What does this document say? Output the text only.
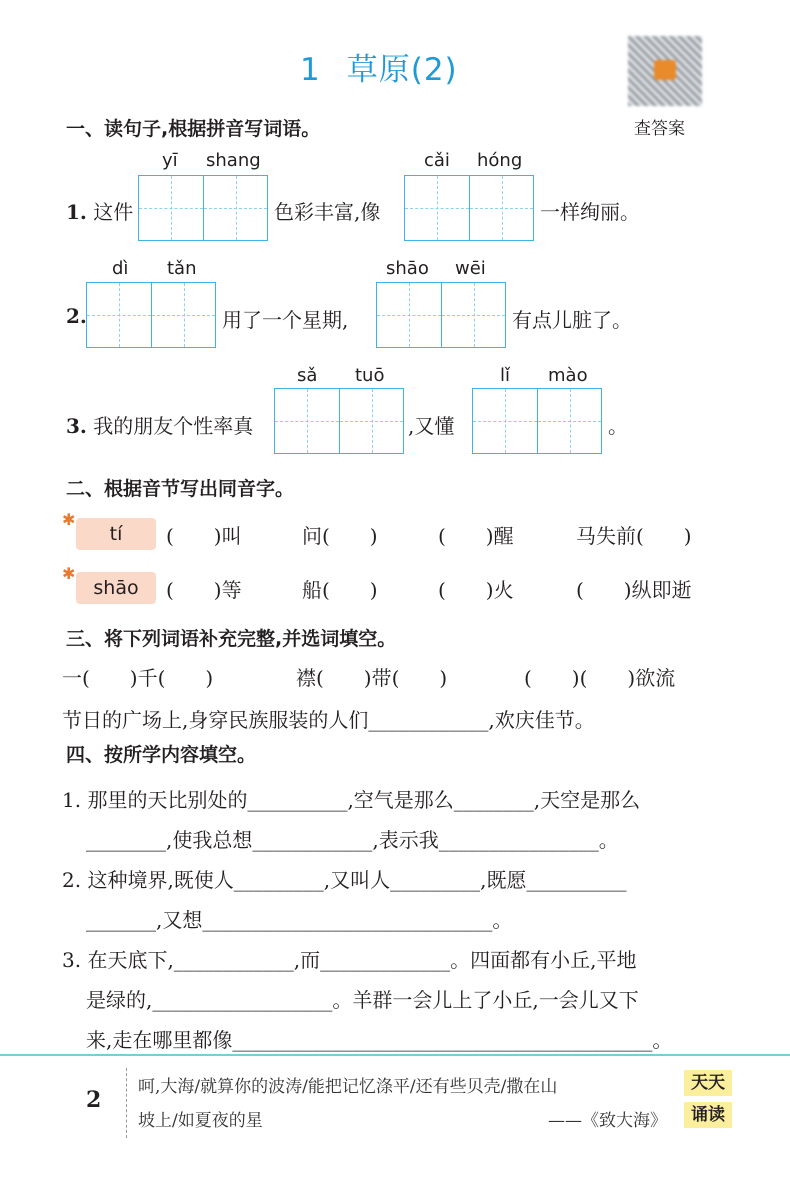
1 草原(2)
查答案
一、读句子,根据拼音写词语。
yī shang
1. 这件	色彩丰富,像
cǎi hóng
一样绚丽。
dì tǎn
2.	用了一个星期,
shāo wēi
有点儿脏了。
sǎ tuō
3. 我的朋友个性率真	,又懂
lǐ mào
。
二、根据音节写出同音字。
✱
tí	(　　)叫	问(　　)	(　　)醒	马失前(　　)
✱
shāo	(　　)等	船(　　)	(　　)火	(　　)纵即逝
三、将下列词语补充完整,并选词填空。
一(　　)千(　　)	襟(　　)带(　　)	(　　)(　　)欲流
节日的广场上,身穿民族服装的人们____________,欢庆佳节。
四、按所学内容填空。
1. 那里的天比别处的__________,空气是那么________,天空是那么
________,使我总想____________,表示我________________。
2. 这种境界,既使人_________,又叫人_________,既愿__________
_______,又想_____________________________。
3. 在天底下,____________,而_____________。四面都有小丘,平地
是绿的,__________________。羊群一会儿上了小丘,一会儿又下
来,走在哪里都像__________________________________________。
2 呵,大海/就算你的波涛/能把记忆涤平/还有些贝壳/撒在山
坡上/如夏夜的星	——《致大海》
天天
诵读
